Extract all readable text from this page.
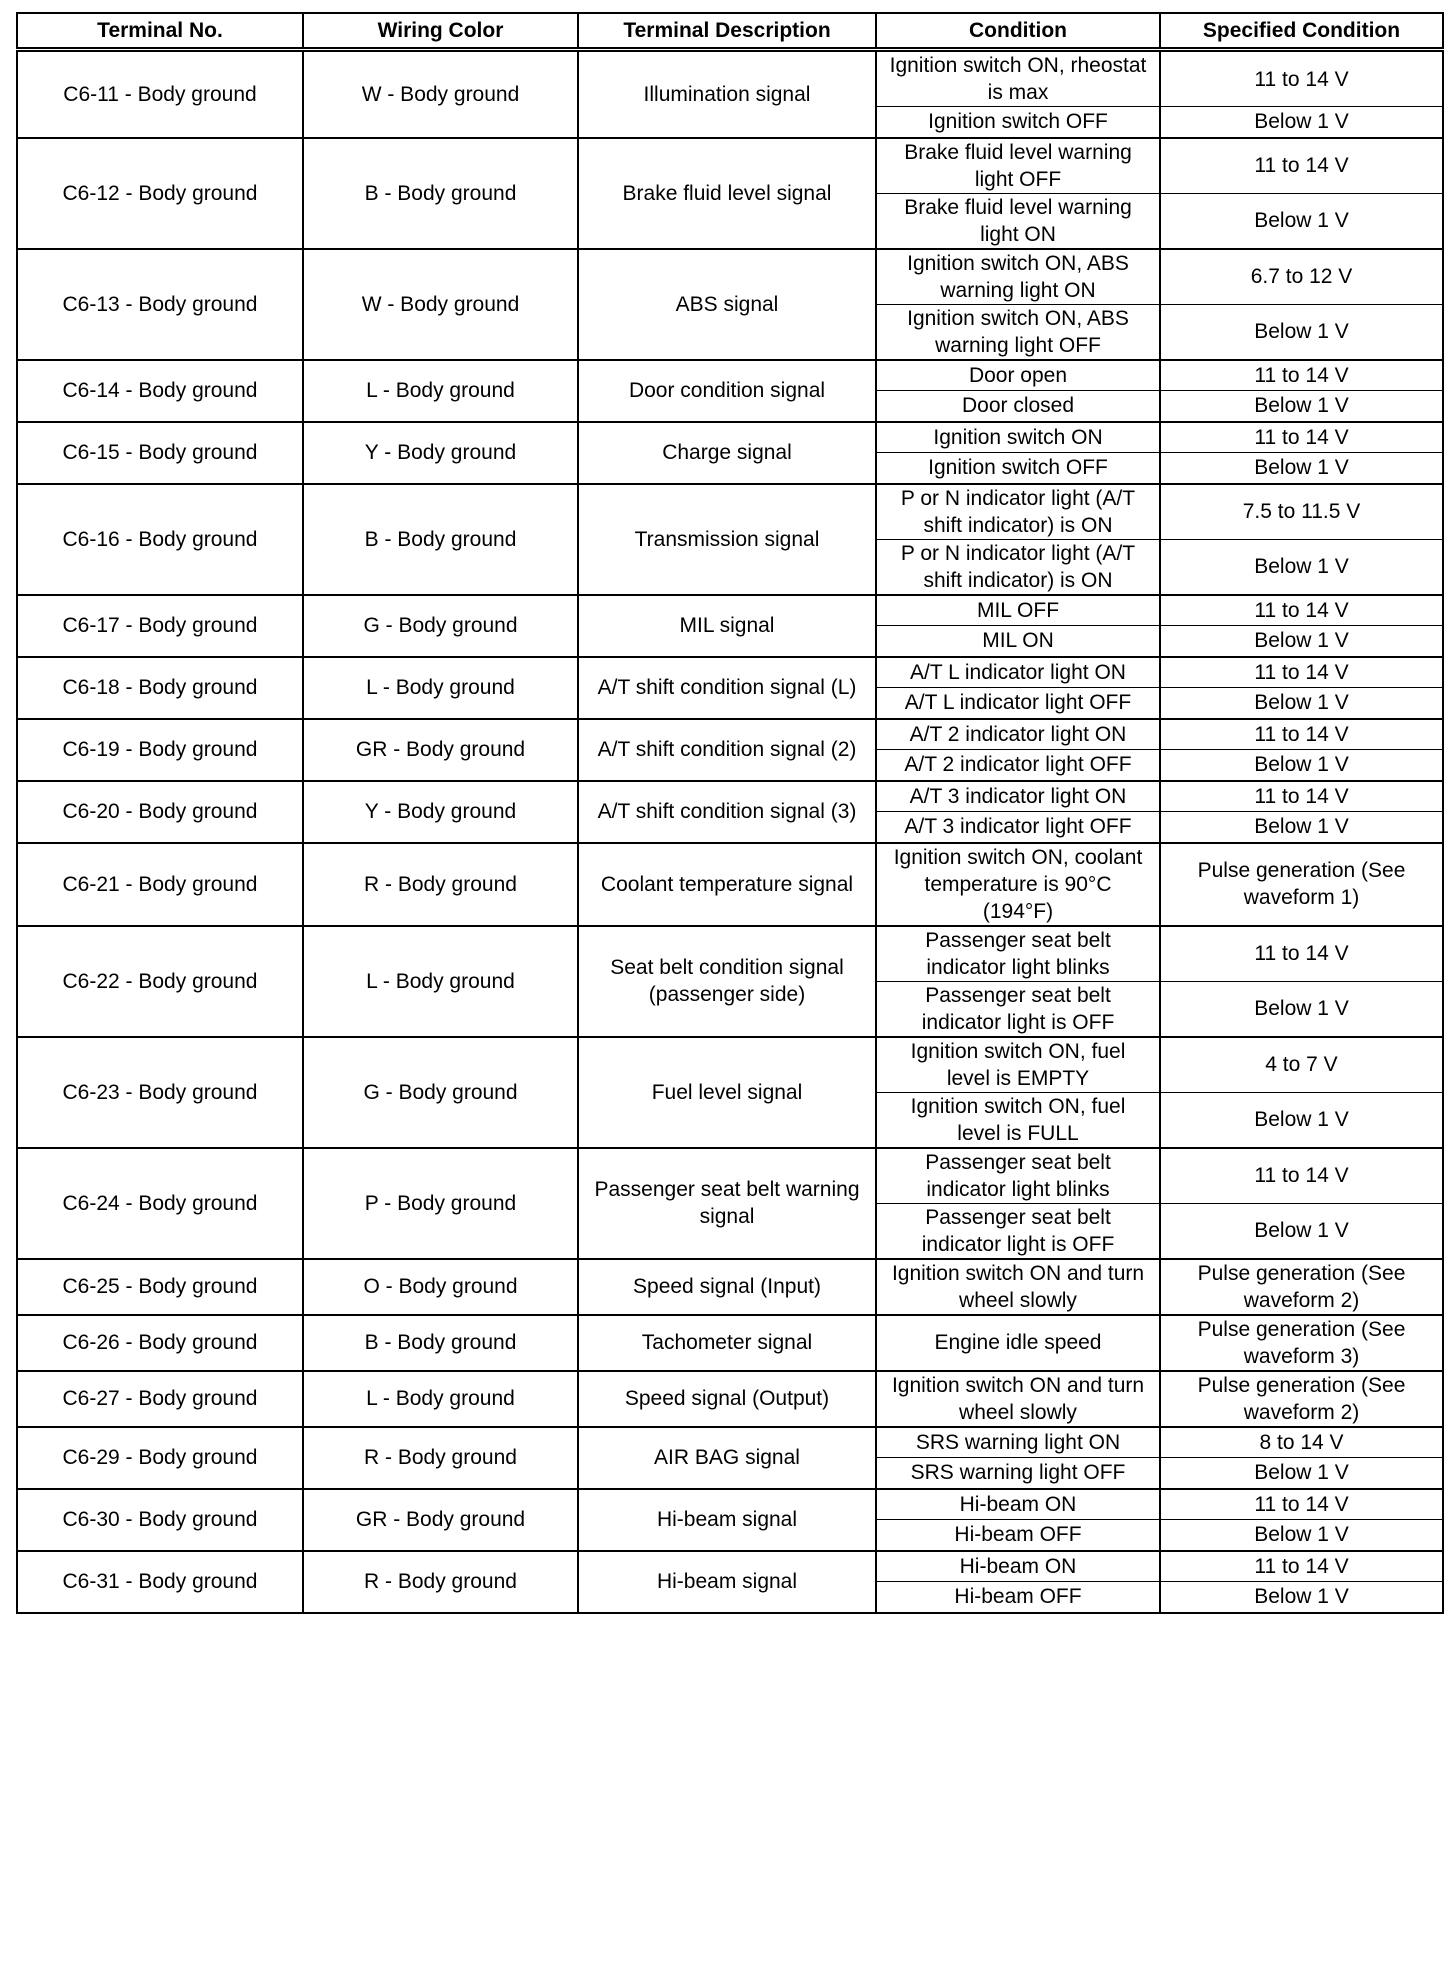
Terminal No.	Wiring Color	Terminal Description	Condition	Specified Condition
C6-11 - Body ground	W - Body ground	Illumination signal	Ignition switch ON, rheostat is max	11 to 14 V
			Ignition switch OFF	Below 1 V
C6-12 - Body ground	B - Body ground	Brake fluid level signal	Brake fluid level warning light OFF	11 to 14 V
			Brake fluid level warning light ON	Below 1 V
C6-13 - Body ground	W - Body ground	ABS signal	Ignition switch ON, ABS warning light ON	6.7 to 12 V
			Ignition switch ON, ABS warning light OFF	Below 1 V
C6-14 - Body ground	L - Body ground	Door condition signal	Door open	11 to 14 V
			Door closed	Below 1 V
C6-15 - Body ground	Y - Body ground	Charge signal	Ignition switch ON	11 to 14 V
			Ignition switch OFF	Below 1 V
C6-16 - Body ground	B - Body ground	Transmission signal	P or N indicator light (A/T shift indicator) is ON	7.5 to 11.5 V
			P or N indicator light (A/T shift indicator) is ON	Below 1 V
C6-17 - Body ground	G - Body ground	MIL signal	MIL OFF	11 to 14 V
			MIL ON	Below 1 V
C6-18 - Body ground	L - Body ground	A/T shift condition signal (L)	A/T L indicator light ON	11 to 14 V
			A/T L indicator light OFF	Below 1 V
C6-19 - Body ground	GR - Body ground	A/T shift condition signal (2)	A/T 2 indicator light ON	11 to 14 V
			A/T 2 indicator light OFF	Below 1 V
C6-20 - Body ground	Y - Body ground	A/T shift condition signal (3)	A/T 3 indicator light ON	11 to 14 V
			A/T 3 indicator light OFF	Below 1 V
C6-21 - Body ground	R - Body ground	Coolant temperature signal	Ignition switch ON, coolant temperature is 90°C (194°F)	Pulse generation (See waveform 1)
C6-22 - Body ground	L - Body ground	Seat belt condition signal (passenger side)	Passenger seat belt indicator light blinks	11 to 14 V
			Passenger seat belt indicator light is OFF	Below 1 V
C6-23 - Body ground	G - Body ground	Fuel level signal	Ignition switch ON, fuel level is EMPTY	4 to 7 V
			Ignition switch ON, fuel level is FULL	Below 1 V
C6-24 - Body ground	P - Body ground	Passenger seat belt warning signal	Passenger seat belt indicator light blinks	11 to 14 V
			Passenger seat belt indicator light is OFF	Below 1 V
C6-25 - Body ground	O - Body ground	Speed signal (Input)	Ignition switch ON and turn wheel slowly	Pulse generation (See waveform 2)
C6-26 - Body ground	B - Body ground	Tachometer signal	Engine idle speed	Pulse generation (See waveform 3)
C6-27 - Body ground	L - Body ground	Speed signal (Output)	Ignition switch ON and turn wheel slowly	Pulse generation (See waveform 2)
C6-29 - Body ground	R - Body ground	AIR BAG signal	SRS warning light ON	8 to 14 V
			SRS warning light OFF	Below 1 V
C6-30 - Body ground	GR - Body ground	Hi-beam signal	Hi-beam ON	11 to 14 V
			Hi-beam OFF	Below 1 V
C6-31 - Body ground	R - Body ground	Hi-beam signal	Hi-beam ON	11 to 14 V
			Hi-beam OFF	Below 1 V
